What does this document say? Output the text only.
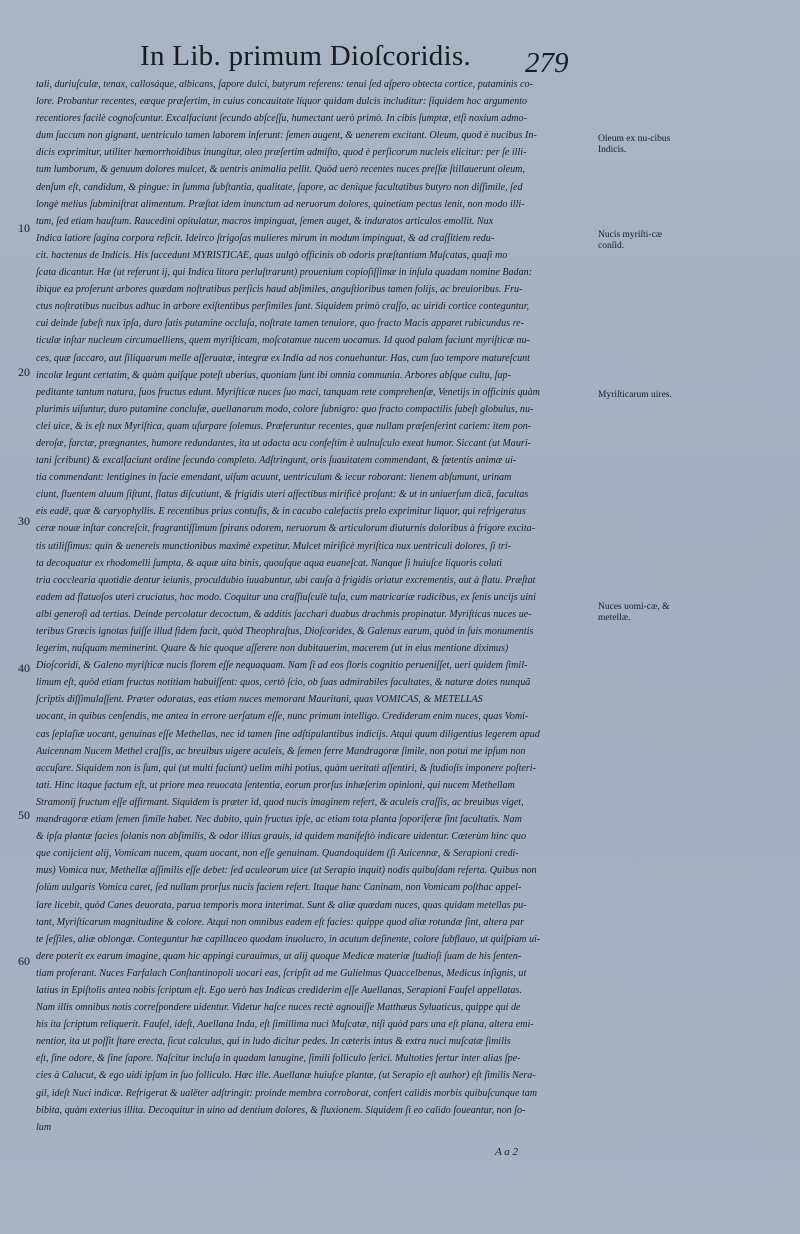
In Lib. primum Dioſcoridis. 279
10
20
30
40
50
60
Oleum ex nu-cibus Indicis.
Nucis myriſti-cæ conſid.
Myriſticarum uires.
Nuces uomi-cæ, & metellæ.
tali, duriuſculæ, tenax, callosáque, albicans, ſapore dulci, butyrum referens: tenui ſed aſpero obtecta cortice, putaminis co-
lore. Probantur recentes, eæque præſertim, in cuius concauitate liquor quidam dulcis includitur: ſiquidem hoc argumento
recentiores facilè cognoſcuntur. Excalfaciunt ſecundo abſceſſu, humectant uerò primò. In cibis ſumptæ, etſi noxium admo-
dum ſuccum non gignant, uentriculo tamen laborem inferunt: ſemen augent, & uenerem excitant. Oleum, quod è nucibus In-
dicis exprimitur, utiliter hæmorrhoidibus inungitur, oleo præſertim admiſto, quod è perſicorum nucleis elicitur: per ſe illi-
tum lumborum, & genuum dolores mulcet, & uentris animalia pellit. Quòd uerò recentes nuces preſſæ ſtillauerunt oleum,
denſum eſt, candidum, & pingue: in ſumma ſubſtantia, qualitate, ſapore, ac denique facultatibus butyro non diſſimile, ſed
longè melius ſubminiſtrat alimentum. Præſtat idem inunctum ad neruorum dolores, quinetiam pectus lenit, non modo illi-
tum, ſed etiam hauſtum. Raucedini opitulatur, macros impinguat, ſemen auget, & induratos articulos emollit. Nux
Indica latiore ſagina corpora reficit. Ideirco ſtrigoſas mulieres mirum in modum impinguat, & ad craſſitiem redu-
cit. hactenus de Indicis. His ſuccedunt MYRISTICAE, quas uulgò officinis ob odoris præſtantiam Muſcatas, quaſi mo
ſcata dicantur. Hæ (ut referunt ij, qui Indica litora perluſtrarunt) prouenium copioſiſſimæ in inſula quadam nomine Badan:
ibique ea proferunt arbores quædam noſtratibus perſicis haud abſimiles, anguſtioribus tamen folijs, ac breuioribus. Fru-
ctus noſtratibus nucibus adhuc in arbore exiſtentibus perſimiles ſunt. Siquidem primò craſſo, ac uiridi cortice conteguntur,
cui deinde ſubeſt nux ipſa, duro ſatis putamine occluſa, noſtrate tamen tenuiore, quo fracto Macis apparet rubicundus re-
ticulæ inſtar nucleum circumuelliens, quem myriſticam, moſcatamue nucem uocamus. Id quod palam faciunt myriſticæ nu-
ces, quæ ſaccaro, aut ſiliquarum melle aſſeruatæ, integræ ex India ad nos conuehuntur. Has, cum ſuo tempore matureſcunt
incolæ legunt certatim, & quàm quiſque poteſt uberius, quoniam ſunt ibi omnia communia. Arbores abſque cultu, ſup-
peditante tantum natura, ſuos fructus edunt. Myriſticæ nuces ſuo maci, tanquam rete comprehenſæ, Venetijs in officinis quàm
plurimis uiſuntur, duro putamine concluſæ, auellanarum modo, colore ſubnigro: quo fracto compactilis ſubeſt globulus, nu-
clei uice, & is eſt nux Myriſtica, quam uſurpare ſolemus. Præferuntur recentes, quæ nullam præſenſerint cariem: item pon-
deroſæ, farctæ, prægnantes, humore redundantes, ita ut adacta acu confeſtim è uulnuſculo exeat humor. Siccant (ut Mauri-
tani ſcribunt) & excalfaciunt ordine ſecundo completo. Adſtringunt, oris ſuauitatem commendant, & fœtentis animæ ui-
tia commendant: lentigines in facie emendant, uiſum acuunt, uentriculum & iecur roborant: lienem abſumunt, urinam
ciunt, fluentem aluum ſiſtunt, flatus diſcutiunt, & frigidis uteri affectibus mirificè proſunt: & ut in uniuerſum dicā, facultas
eis eadē, quæ & caryophyllis. E recentibus prius contuſis, & in cacabo calefactis prelo exprimitur liquor, qui refrigeratus
ceræ nouæ inſtar concreſcit, fragrantiſſimum ſpirans odorem, neruorum & articulorum diuturnis doloribus à frigore excita-
tis utiliſſimus: quin & uenereis munctionibus maximè expetitur. Mulcet mirificè myriſtica nux uentriculi dolores, ſi tri-
ta decoquatur ex rhodomelli ſumpta, & aquæ uita binis, quouſque aqua euaneſcat. Nanque ſi huiuſce liquoris colati
tria cocclearia quotidie dentur ieiunis, proculdubio iuuabuntur, ubi cauſa à frigidis oriatur excrementis, aut à flatu. Præſtat
eadem ad flatuoſos uteri cruciatus, hoc modo. Coquitur una craſſiuſculè tuſa, cum matricariæ radicibus, ex ſenis uncijs uini
albi generoſi ad tertias. Deinde percolatur decoctum, & additis ſaccharì duabus drachmis propinatur. Myriſticas nuces ue-
teribus Græcis ignotas fuiſſe illud fidem facit, quòd Theophraſtus, Dioſcorides, & Galenus earum, quòd in ſuis monumentis
legerim, nuſquam meminerint. Quare & hic quoque aſſerere non dubitauerim, macerem (ut in eius mentione diximus)
Dioſcoridi, & Galeno myriſticæ nucis florem eſſe nequaquam. Nam ſi ad eos floris cognitio perueniſſet, ueri quidem ſimil-
limum eſt, quòd etiam fructus notitiam habuiſſent: quos, certò ſcio, ob ſuas admirabiles facultates, & naturæ dotes nunquã
ſcriptis diſſimulaſſent. Præter odoratas, eas etiam nuces memorant Mauritani, quas VOMICAS, & METELLAS
uocant, in quibus cenſendis, me antea in errore uerſatum eſſe, nunc primum intelligo. Credideram enim nuces, quas Vomi-
cas ſeplaſiæ uocant, genuinas eſſe Methellas, nec id tamen ſine adſtipulantibus indicijs. Atqui quum diligentius legerem apud
Auicennam Nucem Methel craſſis, ac breuibus uigere aculeis, & ſemen ferre Mandragoræ ſimile, non potui me ipſum non
accuſare. Siquidem non is ſum, qui (ut multi faciunt) uelim mihi potius, quàm ueritati aſſentiri, & ſtudioſis imponere poſteri-
tati. Hinc itaque factum eſt, ut priore mea reuocata ſententia, eorum prorſus inhæſerim opinioni, qui nucem Methellam
Stramonij fructum eſſe affirmant. Siquidem is præter id, quod nucis imaginem refert, & aculeis craſſis, ac breuibus viget,
mandragoræ etiam ſemen ſimile habet. Nec dubito, quin fructus ipſe, ac etiam tota planta ſoporiferæ ſint facultatis. Nam
& ipſa plantæ facies ſolanis non abſimilis, & odor illius grauis, id quidem manifeſtò indicare uidentur. Cæterùm hinc quo
que conijcient alij, Vomicam nucem, quam uocant, non eſſe genuinam. Quandoquidem (ſi Auicennæ, & Serapioni credi-
mus) Vomica nux, Methellæ aſſimilis eſſe debet: ſed aculeorum uice (ut Serapio inquit) nodis quibuſdam referta. Quibus non
ſolùm uulgaris Vomica caret, ſed nullam prorſus nucis faciem refert. Itaque hanc Caninam, non Vomicam poſthac appel-
lare licebit, quòd Canes deuorata, parua temporis mora interimat. Sunt & aliæ quædam nuces, quas quidam metellas pu-
tant, Myriſticarum magnitudine & colore. Atqui non omnibus eadem eſt facies: quippe quod aliæ rotundæ ſint, altera par
te ſeſſiles, aliæ oblongæ. Conteguntur hæ capillaceo quodam inuolucro, in acutum deſinente, colore ſubflauo, ut quiſpiam ui-
dere poterit ex earum imagine, quam hic appingi curauimus, ut alij quoque Medicæ materiæ ſtudioſi ſuam de his ſenten-
tiam proferant. Nuces Farfalach Conſtantinopoli uocari eas, ſcripſit ad me Gulielmus Quaccelbenus, Medicus inſignis, ut
latius in Epiſtolis antea nobis ſcriptum eſt. Ego uerò has Indicas crediderim eſſe Auellanas, Serapioni Faufel appellatas.
Nam illis omnibus notis correſpondere uidentur. Videtur haſce nuces rectè agnouiſſe Matthæus Syluaticus, quippe qui de
his ita ſcriptum reliquerit. Faufel, ideſt, Auellana Inda, eſt ſimillima nuci Muſcatæ, niſi quòd pars una eſt plana, altera emi-
nentior, ita ut poſſit ſtare erecta, ſicut calculus, qui in ludo dicitur pedes. In cæteris intus & extra nuci muſcatæ ſimilis
eſt, ſine odore, & ſine ſapore. Naſcitur incluſa in quadam lanugine, ſimili folliculo ſerici. Multoties fertur inter alias ſpe-
cies à Calucut, & ego uidi ipſam in ſuo folliculo. Hæc ille. Auellanæ huiuſce plantæ, (ut Serapio eſt author) eſt ſimilis Nera-
gil, ideſt Nuci indicæ. Refrigerat & ualēter adſtringit: proinde membra corroborat, confert calidis morbis quibuſcunque tam
bibita, quàm exterius illita. Decoquitur in uino ad dentium dolores, & fluxionem. Siquidem ſi eo calido foueantur, non ſo-
lum
A a 2
